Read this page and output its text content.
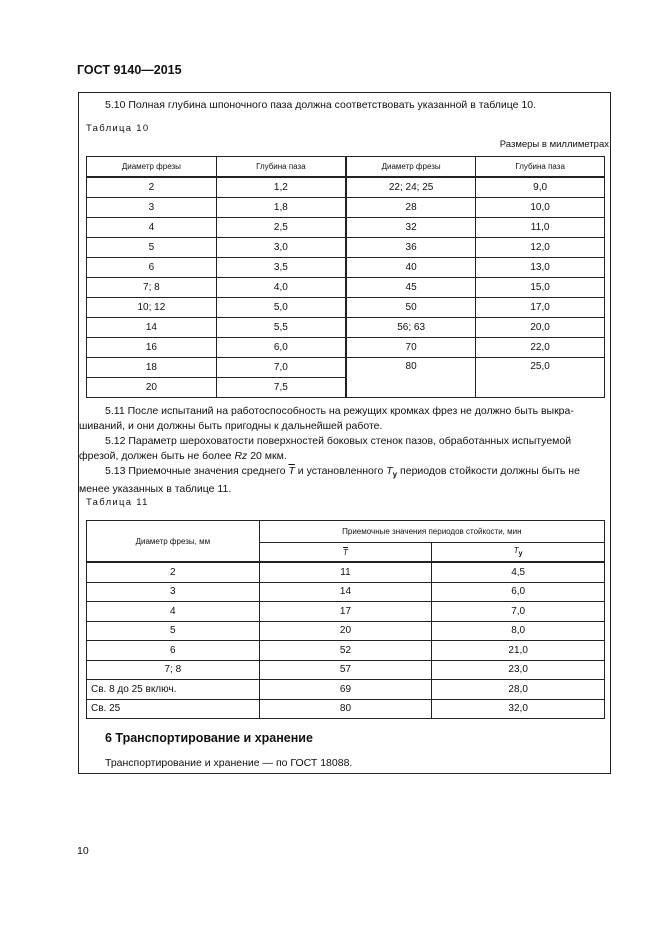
ГОСТ 9140—2015
5.10 Полная глубина шпоночного паза должна соответствовать указанной в таблице 10.
Таблица 10
Размеры в миллиметрах
Диаметр фрезы	Глубина паза	Диаметр фрезы	Глубина паза
2	1,2	22; 24; 25	9,0
3	1,8	28	10,0
4	2,5	32	11,0
5	3,0	36	12,0
6	3,5	40	13,0
7; 8	4,0	45	15,0
10; 12	5,0	50	17,0
14	5,5	56; 63	20,0
16	6,0	70	22,0
18	7,0	80	25,0
20	7,5		
5.11 После испытаний на работоспособность на режущих кромках фрез не должно быть выкра-
шиваний, и они должны быть пригодны к дальнейшей работе.
5.12 Параметр шероховатости поверхностей боковых стенок пазов, обработанных испытуемой
фрезой, должен быть не более Rz 20 мкм.
5.13 Приемочные значения среднего $\overline{T}$ и установленного $T_у$ периодов стойкости должны быть не
менее указанных в таблице 11.
Таблица 11
Диаметр фрезы, мм	Приемочные значения периодов стойкости, мин	
	$\overline{T}$	$T_у$
2	11	4,5
3	14	6,0
4	17	7,0
5	20	8,0
6	52	21,0
7; 8	57	23,0
Св. 8 до 25 включ.	69	28,0
Св. 25	80	32,0
6 Транспортирование и хранение
Транспортирование и хранение — по ГОСТ 18088.
10
